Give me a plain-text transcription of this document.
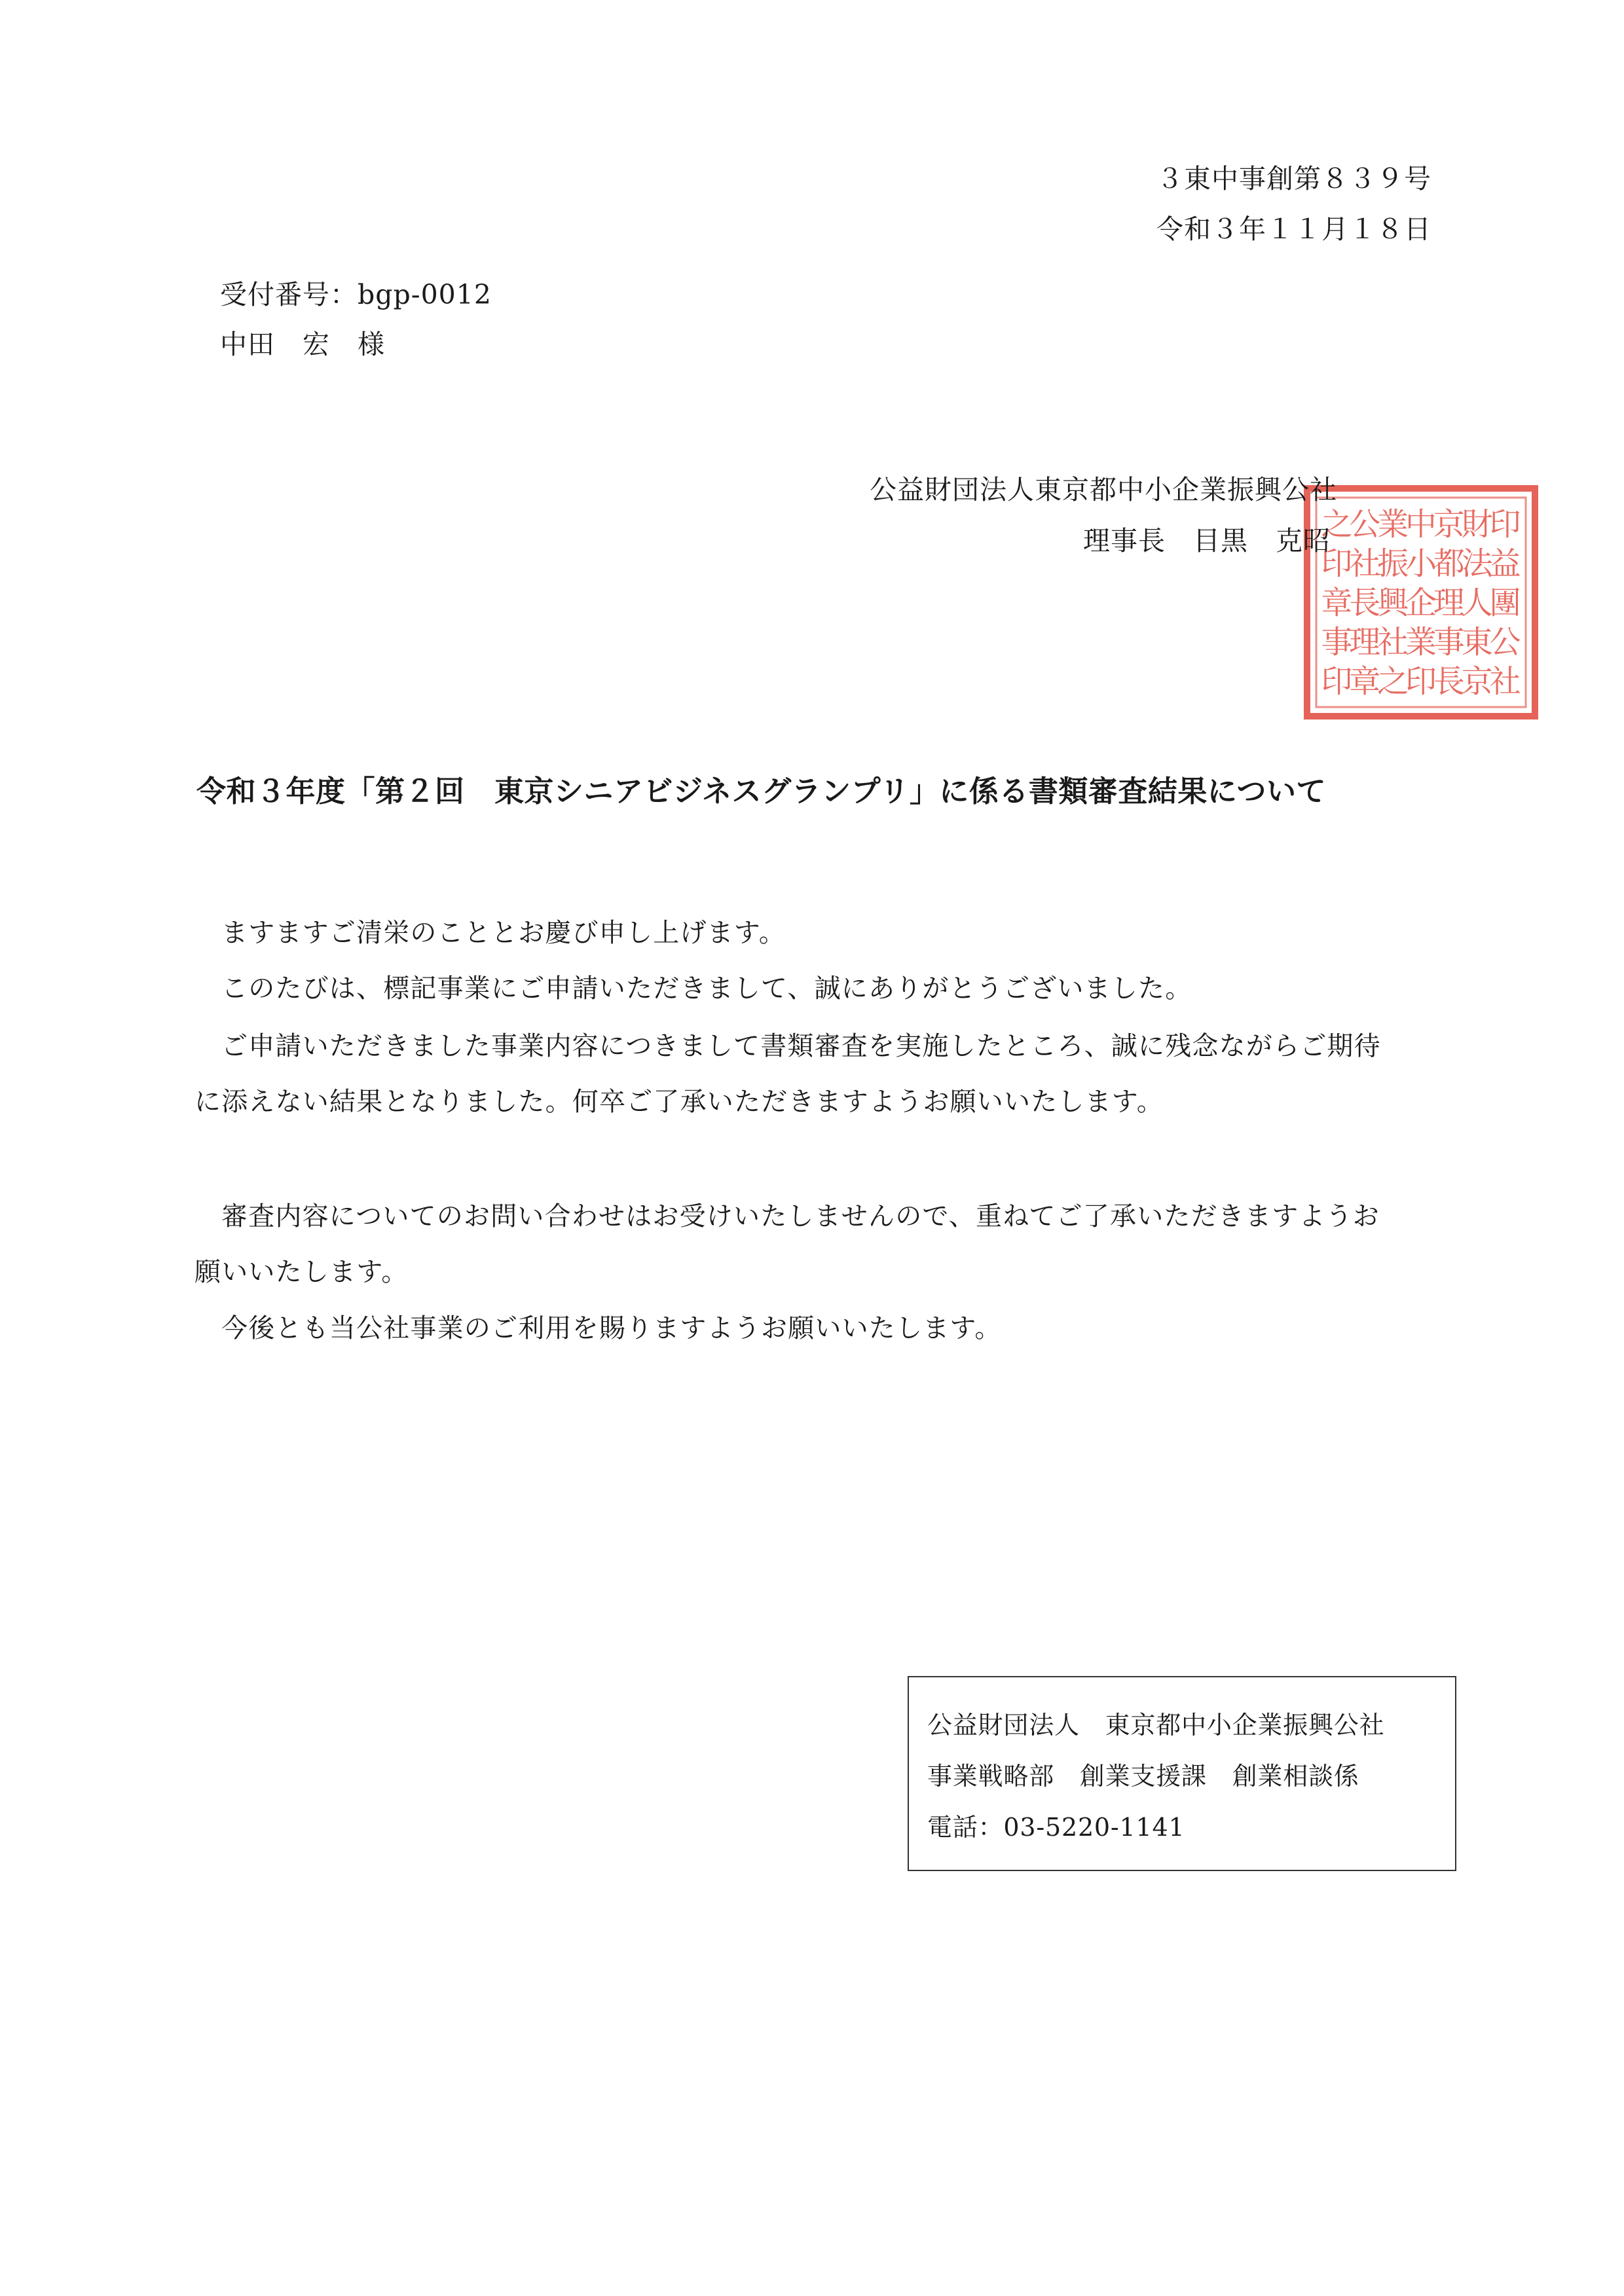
３東中事創第８３９号
令和３年１１月１８日
受付番号：bgp-0012
中田　宏　様
印
益
團
公
社
財
法
人
東
京
京
都
理
事
長
中
小
企
業
印
業
振
興
社
之
公
社
長
理
章
之
印
章
事
印
公益財団法人東京都中小企業振興公社
理事長　目黒　克昭
令和３年度「第２回　東京シニアビジネスグランプリ」に係る書類審査結果について
ますますご清栄のこととお慶び申し上げます。
このたびは、標記事業にご申請いただきまして、誠にありがとうございました。
ご申請いただきました事業内容につきまして書類審査を実施したところ、誠に残念ながらご期待
に添えない結果となりました。何卒ご了承いただきますようお願いいたします。
審査内容についてのお問い合わせはお受けいたしませんので、重ねてご了承いただきますようお
願いいたします。
今後とも当公社事業のご利用を賜りますようお願いいたします。
公益財団法人　東京都中小企業振興公社
事業戦略部　創業支援課　創業相談係
電話：03-5220-1141
